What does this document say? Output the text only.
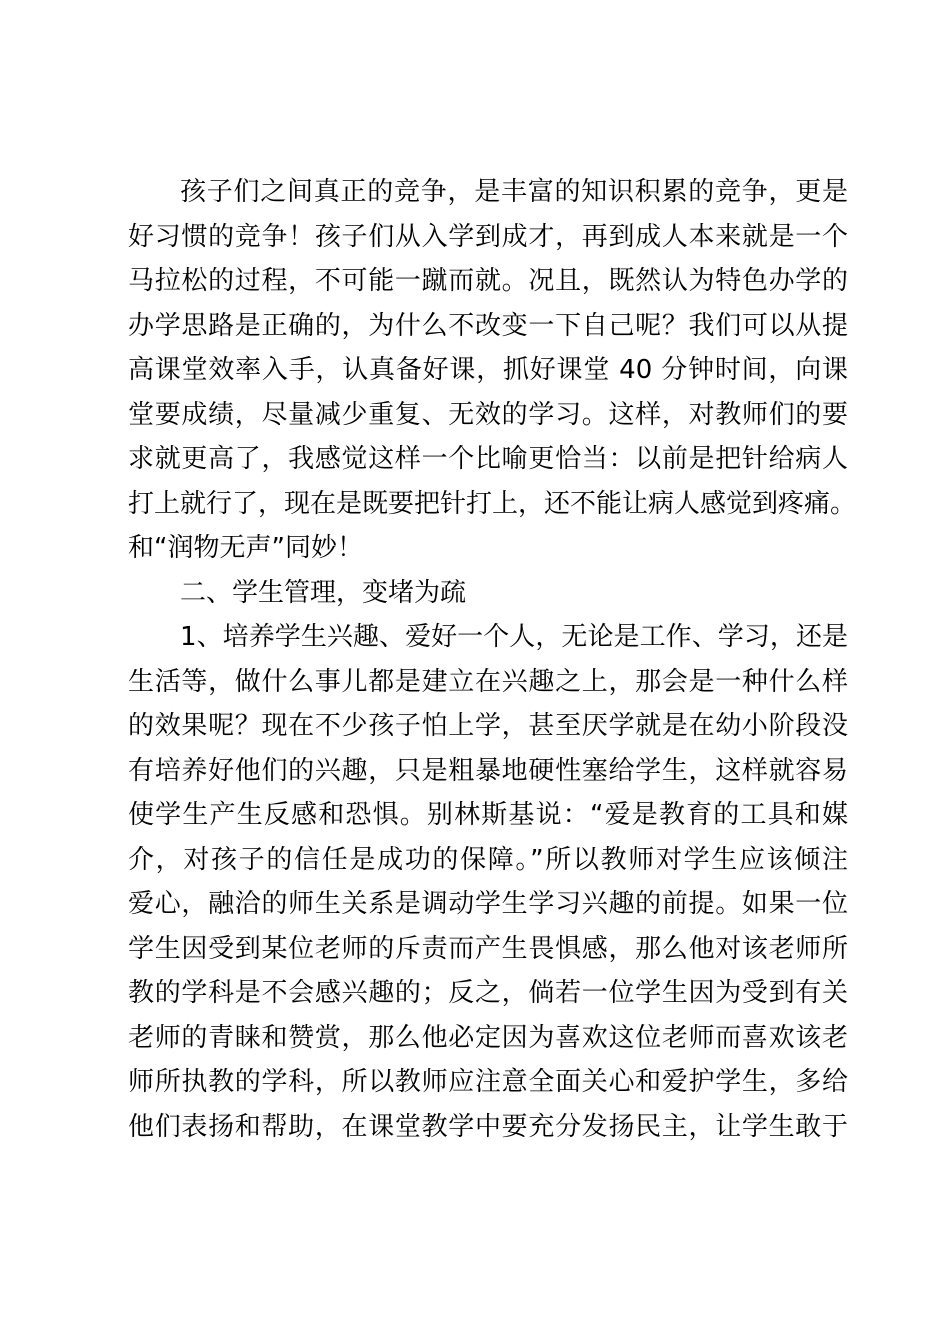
孩子们之间真正的竞争，是丰富的知识积累的竞争，更是
好习惯的竞争！孩子们从入学到成才，再到成人本来就是一个
马拉松的过程，不可能一蹴而就。况且，既然认为特色办学的
办学思路是正确的，为什么不改变一下自己呢？我们可以从提
高课堂效率入手，认真备好课，抓好课堂 40 分钟时间，向课
堂要成绩，尽量减少重复、无效的学习。这样，对教师们的要
求就更高了，我感觉这样一个比喻更恰当：以前是把针给病人
打上就行了，现在是既要把针打上，还不能让病人感觉到疼痛。
和“润物无声”同妙！
二、学生管理，变堵为疏
1、培养学生兴趣、爱好一个人，无论是工作、学习，还是
生活等，做什么事儿都是建立在兴趣之上，那会是一种什么样
的效果呢？现在不少孩子怕上学，甚至厌学就是在幼小阶段没
有培养好他们的兴趣，只是粗暴地硬性塞给学生，这样就容易
使学生产生反感和恐惧。别林斯基说：“爱是教育的工具和媒
介，对孩子的信任是成功的保障。”所以教师对学生应该倾注
爱心，融洽的师生关系是调动学生学习兴趣的前提。如果一位
学生因受到某位老师的斥责而产生畏惧感，那么他对该老师所
教的学科是不会感兴趣的；反之，倘若一位学生因为受到有关
老师的青睐和赞赏，那么他必定因为喜欢这位老师而喜欢该老
师所执教的学科，所以教师应注意全面关心和爱护学生，多给
他们表扬和帮助，在课堂教学中要充分发扬民主，让学生敢于
